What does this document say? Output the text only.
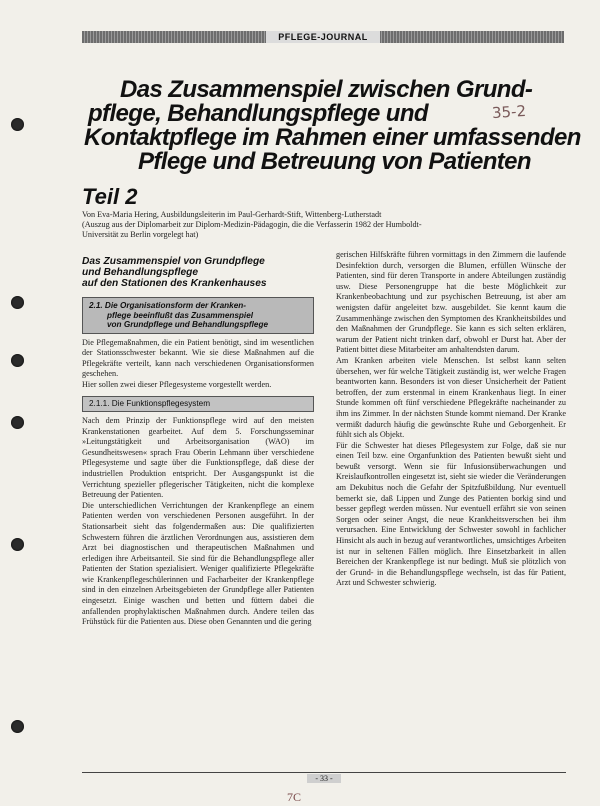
PFLEGE-JOURNAL
Das Zusammenspiel zwischen Grund-
pflege, Behandlungspflege und
Kontaktpflege im Rahmen einer umfassenden
Pflege und Betreuung von Patienten
35-2
Teil 2
Von Eva-Maria Hering, Ausbildungsleiterin im Paul-Gerhardt-Stift, Wittenberg-Lutherstadt
(Auszug aus der Diplomarbeit zur Diplom-Medizin-Pädagogin, die die Verfasserin 1982 der Humboldt-
Universität zu Berlin vorgelegt hat)
Das Zusammenspiel von Grundpflege
und Behandlungspflege
auf den Stationen des Krankenhauses
2.1. Die Organisationsform der Kranken-
pflege beeinflußt das Zusammenspiel
von Grundpflege und Behandlungspflege

Die Pflegemaßnahmen, die ein Patient benötigt, sind im wesentlichen der Stationsschwester bekannt. Wie sie diese Maßnahmen auf die Pflegekräfte verteilt, kann nach verschiedenen Organisationsformen geschehen.

Hier sollen zwei dieser Pflegesysteme vorgestellt werden.

2.1.1. Die Funktionspflegesystem

Nach dem Prinzip der Funktionspflege wird auf den meisten Krankenstationen gearbeitet. Auf dem 5. Forschungsseminar »Leitungstätigkeit und Arbeitsorganisation (WAO) im Gesundheitswesen« sprach Frau Oberin Lehmann über verschiedene Pflegesysteme und sagte über die Funktionspflege, daß diese der industriellen Produktion entspricht. Der Ausgangspunkt ist die Verrichtung spezieller pflegerischer Tätigkeiten, nicht die komplexe Betreuung der Patienten.

Die unterschiedlichen Verrichtungen der Krankenpflege an einem Patienten werden von verschiedenen Personen ausgeführt. In der Stationsarbeit sieht das folgendermaßen aus: Die qualifizierten Schwestern führen die ärztlichen Verordnungen aus, assistieren dem Arzt bei diagnostischen und therapeutischen Maßnahmen und erledigen ihre Arbeitsanteil. Sie sind für die Behandlungspflege aller Patienten der Station spezialisiert. Weniger qualifizierte Pflegekräfte wie Krankenpflegeschülerinnen und Facharbeiter der Krankenpflege sind in den einzelnen Arbeitsgebieten der Grundpflege aller Patienten eingesetzt. Einige waschen und betten und füttern dabei die anfallenden prophylaktischen Maßnahmen durch. Andere teilen das Frühstück für die Patienten aus. Diese oben Genannten und die gering

gerischen Hilfskräfte führen vormittags in den Zimmern die laufende Desinfektion durch, versorgen die Blumen, erfüllen Wünsche der Patienten, sind für deren Transporte in andere Abteilungen zuständig usw. Diese Personengruppe hat die beste Möglichkeit zur Krankenbeobachtung und zur psychischen Betreuung, ist aber am wenigsten dafür angeleitet bzw. ausgebildet. Sie kennt kaum die Zusammenhänge zwischen den Symptomen des Krankheitsbildes und den Maßnahmen der Grundpflege. Sie kann es sich selten erklären, warum der Patient nicht trinken darf, obwohl er Durst hat. Aber der Patient bittet diese Mitarbeiter am anhaltendsten darum.

Am Kranken arbeiten viele Menschen. Ist selbst kann selten übersehen, wer für welche Tätigkeit zuständig ist, wer welche Fragen beantworten kann. Besonders ist von dieser Unsicherheit der Patient betroffen, der zum erstenmal in einem Krankenhaus liegt. In einer Stunde kommen oft fünf verschiedene Pflegekräfte nacheinander zu ihm ins Zimmer. In der nächsten Stunde kommt niemand. Der Kranke vermißt dadurch häufig die gewünschte Ruhe und Geborgenheit. Er fühlt sich als Objekt.

Für die Schwester hat dieses Pflegesystem zur Folge, daß sie nur einen Teil bzw. eine Organfunktion des Patienten bewußt sieht und bewußt versorgt. Wenn sie für Infusionsüberwachungen und Kreislaufkontrollen eingesetzt ist, sieht sie wieder die Veränderungen am Dekubitus noch die Gefahr der Spitzfußbildung. Nur eventuell bemerkt sie, daß Lippen und Zunge des Patienten borkig sind und besser gepflegt werden müssen. Nur eventuell erfährt sie von seinen Sorgen oder seiner Angst, die neue Krankheitsverschen bei ihm verursachen. Eine Entwicklung der Schwester sowohl in fachlicher Hinsicht als auch in bezug auf verantwortliches, umsichtiges Arbeiten ist nur in seltenen Fällen möglich. Ihre Einsetzbarkeit in allen Bereichen der Krankenpflege ist nur bedingt. Muß sie plötzlich von der Grund- in die Behandlungspflege wechseln, ist das für Patient, Arzt und Schwester schwierig.

- 33 -
7C
